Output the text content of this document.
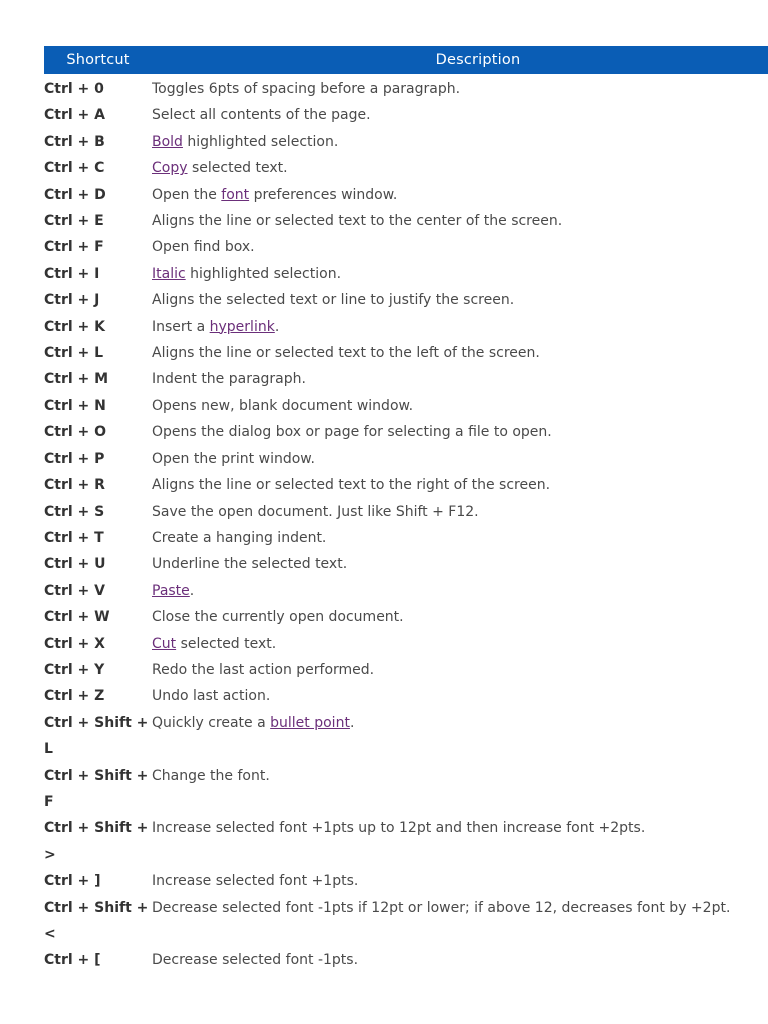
Shortcut	Description
Ctrl + 0	Toggles 6pts of spacing before a paragraph.
Ctrl + A	Select all contents of the page.
Ctrl + B	Bold highlighted selection.
Ctrl + C	Copy selected text.
Ctrl + D	Open the font preferences window.
Ctrl + E	Aligns the line or selected text to the center of the screen.
Ctrl + F	Open find box.
Ctrl + I	Italic highlighted selection.
Ctrl + J	Aligns the selected text or line to justify the screen.
Ctrl + K	Insert a hyperlink.
Ctrl + L	Aligns the line or selected text to the left of the screen.
Ctrl + M	Indent the paragraph.
Ctrl + N	Opens new, blank document window.
Ctrl + O	Opens the dialog box or page for selecting a file to open.
Ctrl + P	Open the print window.
Ctrl + R	Aligns the line or selected text to the right of the screen.
Ctrl + S	Save the open document. Just like Shift + F12.
Ctrl + T	Create a hanging indent.
Ctrl + U	Underline the selected text.
Ctrl + V	Paste.
Ctrl + W	Close the currently open document.
Ctrl + X	Cut selected text.
Ctrl + Y	Redo the last action performed.
Ctrl + Z	Undo last action.
Ctrl + Shift + L	Quickly create a bullet point.
Ctrl + Shift + F	Change the font.
Ctrl + Shift + >	Increase selected font +1pts up to 12pt and then increase font +2pts.
Ctrl + ]	Increase selected font +1pts.
Ctrl + Shift + <	Decrease selected font -1pts if 12pt or lower; if above 12, decreases font by +2pt.
Ctrl + [	Decrease selected font -1pts.
